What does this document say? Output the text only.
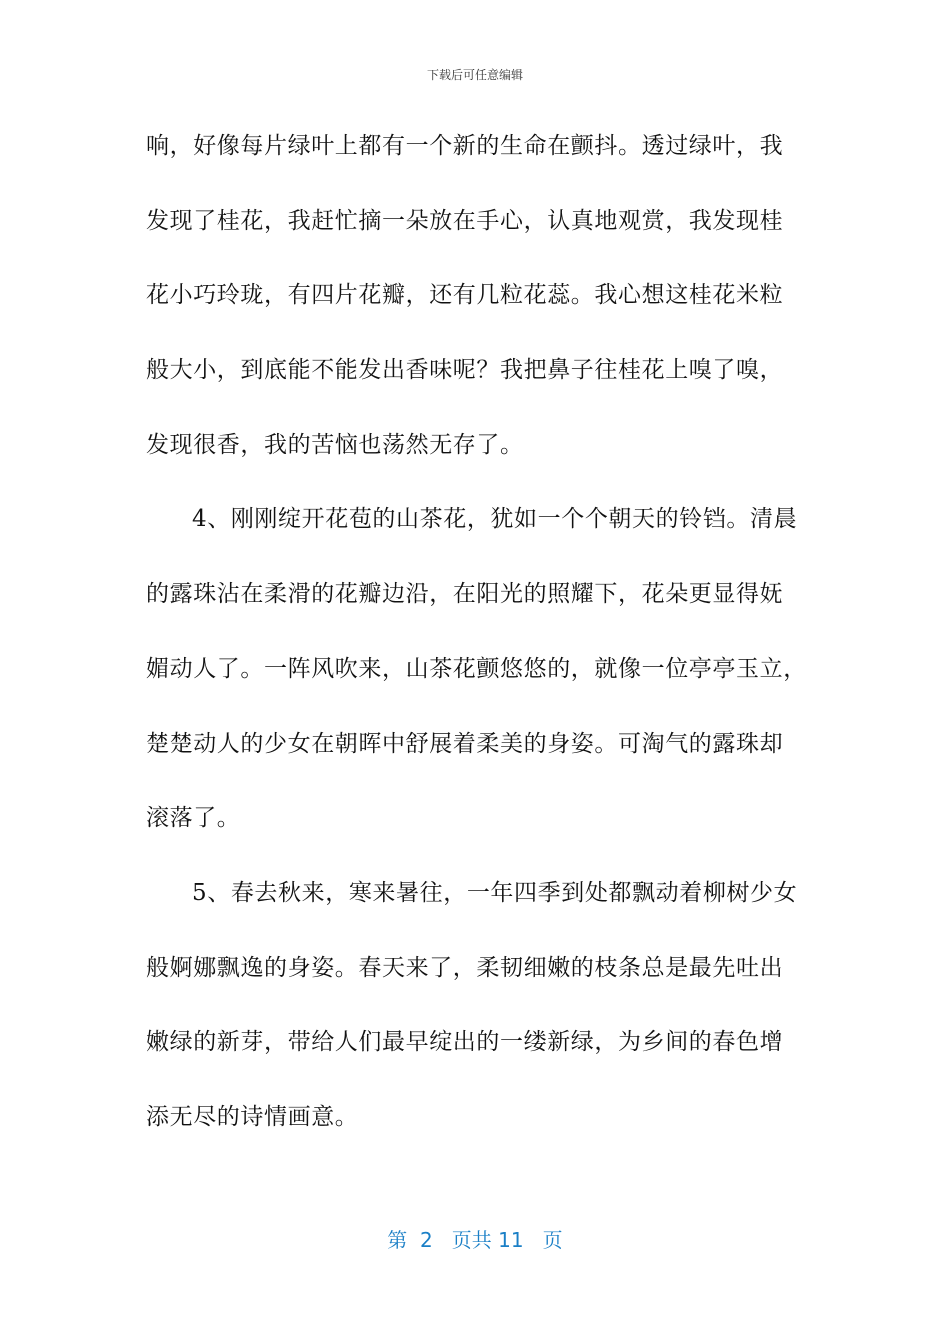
下载后可任意编辑
响，好像每片绿叶上都有一个新的生命在颤抖。透过绿叶，我
发现了桂花，我赶忙摘一朵放在手心，认真地观赏，我发现桂
花小巧玲珑，有四片花瓣，还有几粒花蕊。我心想这桂花米粒
般大小，到底能不能发出香味呢？我把鼻子往桂花上嗅了嗅，
发现很香，我的苦恼也荡然无存了。
4、刚刚绽开花苞的山茶花，犹如一个个朝天的铃铛。清晨
的露珠沾在柔滑的花瓣边沿，在阳光的照耀下，花朵更显得妩
媚动人了。一阵风吹来，山茶花颤悠悠的，就像一位亭亭玉立，
楚楚动人的少女在朝晖中舒展着柔美的身姿。可淘气的露珠却
滚落了。
5、春去秋来，寒来暑往，一年四季到处都飘动着柳树少女
般婀娜飘逸的身姿。春天来了，柔韧细嫩的枝条总是最先吐出
嫩绿的新芽，带给人们最早绽出的一缕新绿，为乡间的春色增
添无尽的诗情画意。
第  2   页共 11   页
